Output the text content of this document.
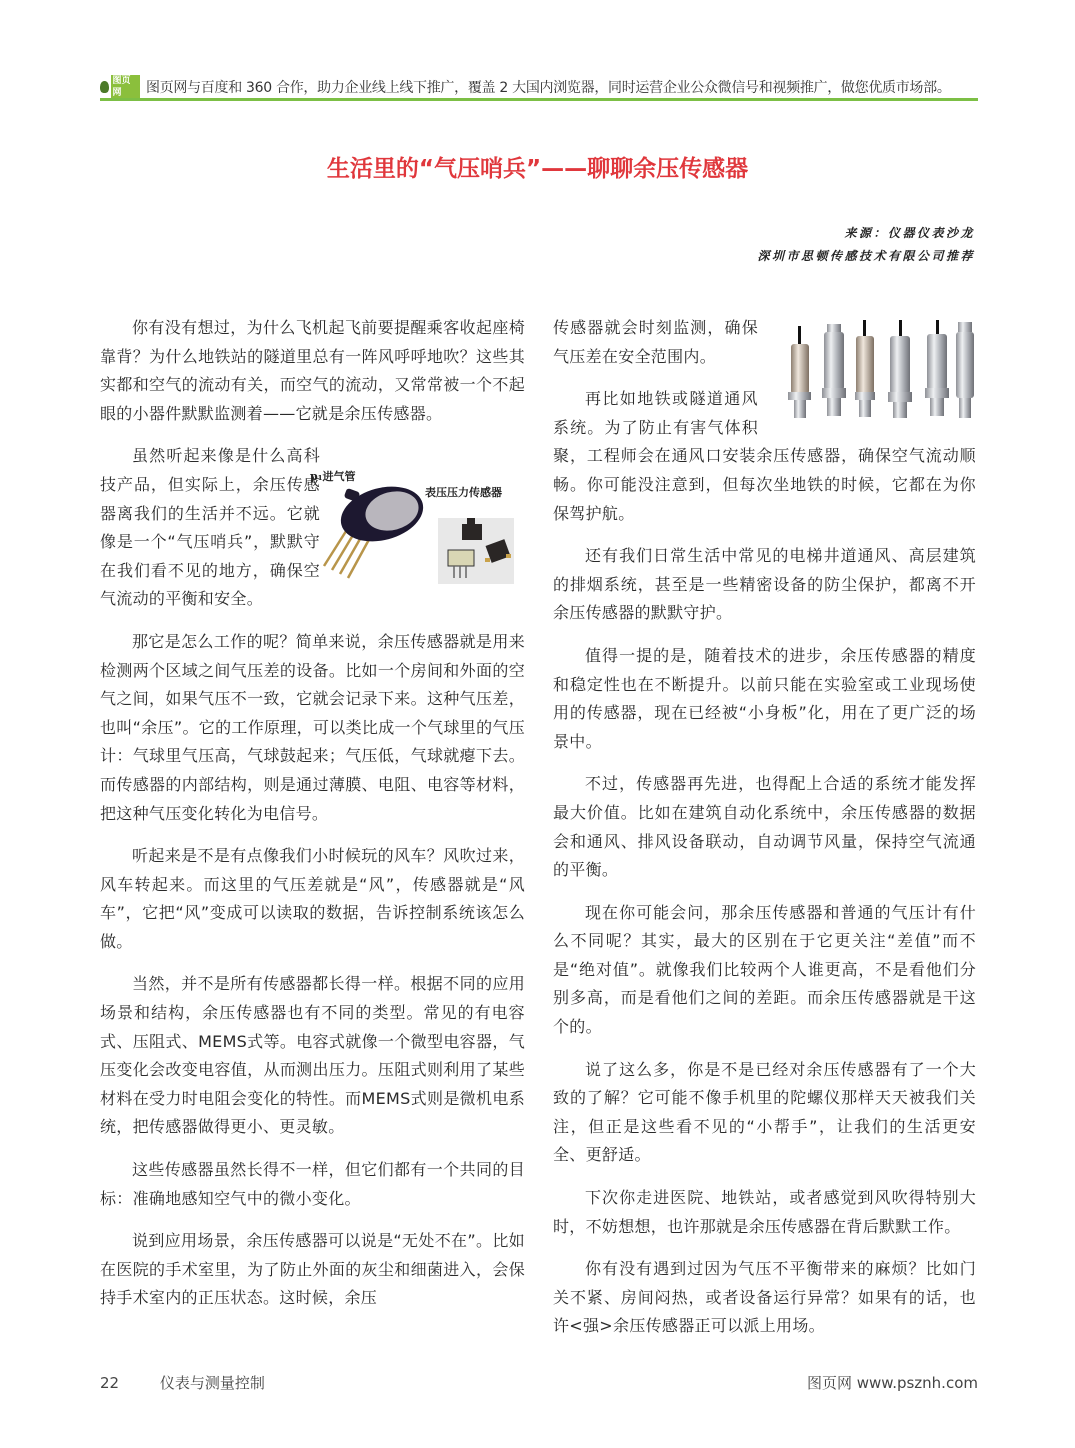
图页网	图页网与百度和 360 合作，助力企业线上线下推广，覆盖 2 大国内浏览器，同时运营企业公众微信号和视频推广，做您优质市场部。
生活里的“气压哨兵”——聊聊余压传感器
来源：仪器仪表沙龙
深圳市思顿传感技术有限公司推荐

你有没有想过，为什么飞机起飞前要提醒乘客收起座椅靠背？为什么地铁站的隧道里总有一阵风呼呼地吹？这些其实都和空气的流动有关，而空气的流动，又常常被一个不起眼的小器件默默监测着——它就是余压传感器。

虽然听起来像是什么高科技产品，但实际上，余压传感器离我们的生活并不远。它就像是一个“气压哨兵”，默默守在我们看不见的地方，确保空气流动的平衡和安全。

那它是怎么工作的呢？简单来说，余压传感器就是用来检测两个区域之间气压差的设备。比如一个房间和外面的空气之间，如果气压不一致，它就会记录下来。这种气压差，也叫“余压”。它的工作原理，可以类比成一个气球里的气压计：气球里气压高，气球鼓起来；气压低，气球就瘪下去。而传感器的内部结构，则是通过薄膜、电阻、电容等材料，把这种气压变化转化为电信号。

听起来是不是有点像我们小时候玩的风车？风吹过来，风车转起来。而这里的气压差就是“风”，传感器就是“风车”，它把“风”变成可以读取的数据，告诉控制系统该怎么做。

当然，并不是所有传感器都长得一样。根据不同的应用场景和结构，余压传感器也有不同的类型。常见的有电容式、压阻式、MEMS式等。电容式就像一个微型电容器，气压变化会改变电容值，从而测出压力。压阻式则利用了某些材料在受力时电阻会变化的特性。而MEMS式则是微机电系统，把传感器做得更小、更灵敏。

这些传感器虽然长得不一样，但它们都有一个共同的目标：准确地感知空气中的微小变化。

说到应用场景，余压传感器可以说是“无处不在”。比如在医院的手术室里，为了防止外面的灰尘和细菌进入，会保持手术室内的正压状态。这时候，余压

p₁进气管
表压压力传感器

传感器就会时刻监测，确保气压差在安全范围内。

再比如地铁或隧道通风系统。为了防止有害气体积聚，工程师会在通风口安装余压传感器，确保空气流动顺畅。你可能没注意到，但每次坐地铁的时候，它都在为你保驾护航。

还有我们日常生活中常见的电梯井道通风、高层建筑的排烟系统，甚至是一些精密设备的防尘保护，都离不开余压传感器的默默守护。

值得一提的是，随着技术的进步，余压传感器的精度和稳定性也在不断提升。以前只能在实验室或工业现场使用的传感器，现在已经被“小身板”化，用在了更广泛的场景中。

不过，传感器再先进，也得配上合适的系统才能发挥最大价值。比如在建筑自动化系统中，余压传感器的数据会和通风、排风设备联动，自动调节风量，保持空气流通的平衡。

现在你可能会问，那余压传感器和普通的气压计有什么不同呢？其实，最大的区别在于它更关注“差值”而不是“绝对值”。就像我们比较两个人谁更高，不是看他们分别多高，而是看他们之间的差距。而余压传感器就是干这个的。

说了这么多，你是不是已经对余压传感器有了一个大致的了解？它可能不像手机里的陀螺仪那样天天被我们关注，但正是这些看不见的“小帮手”，让我们的生活更安全、更舒适。

下次你走进医院、地铁站，或者感觉到风吹得特别大时，不妨想想，也许那就是余压传感器在背后默默工作。

你有没有遇到过因为气压不平衡带来的麻烦？比如门关不紧、房间闷热，或者设备运行异常？如果有的话，也许<强>余压传感器正可以派上用场。

22	仪表与测量控制	图页网 www.psznh.com
